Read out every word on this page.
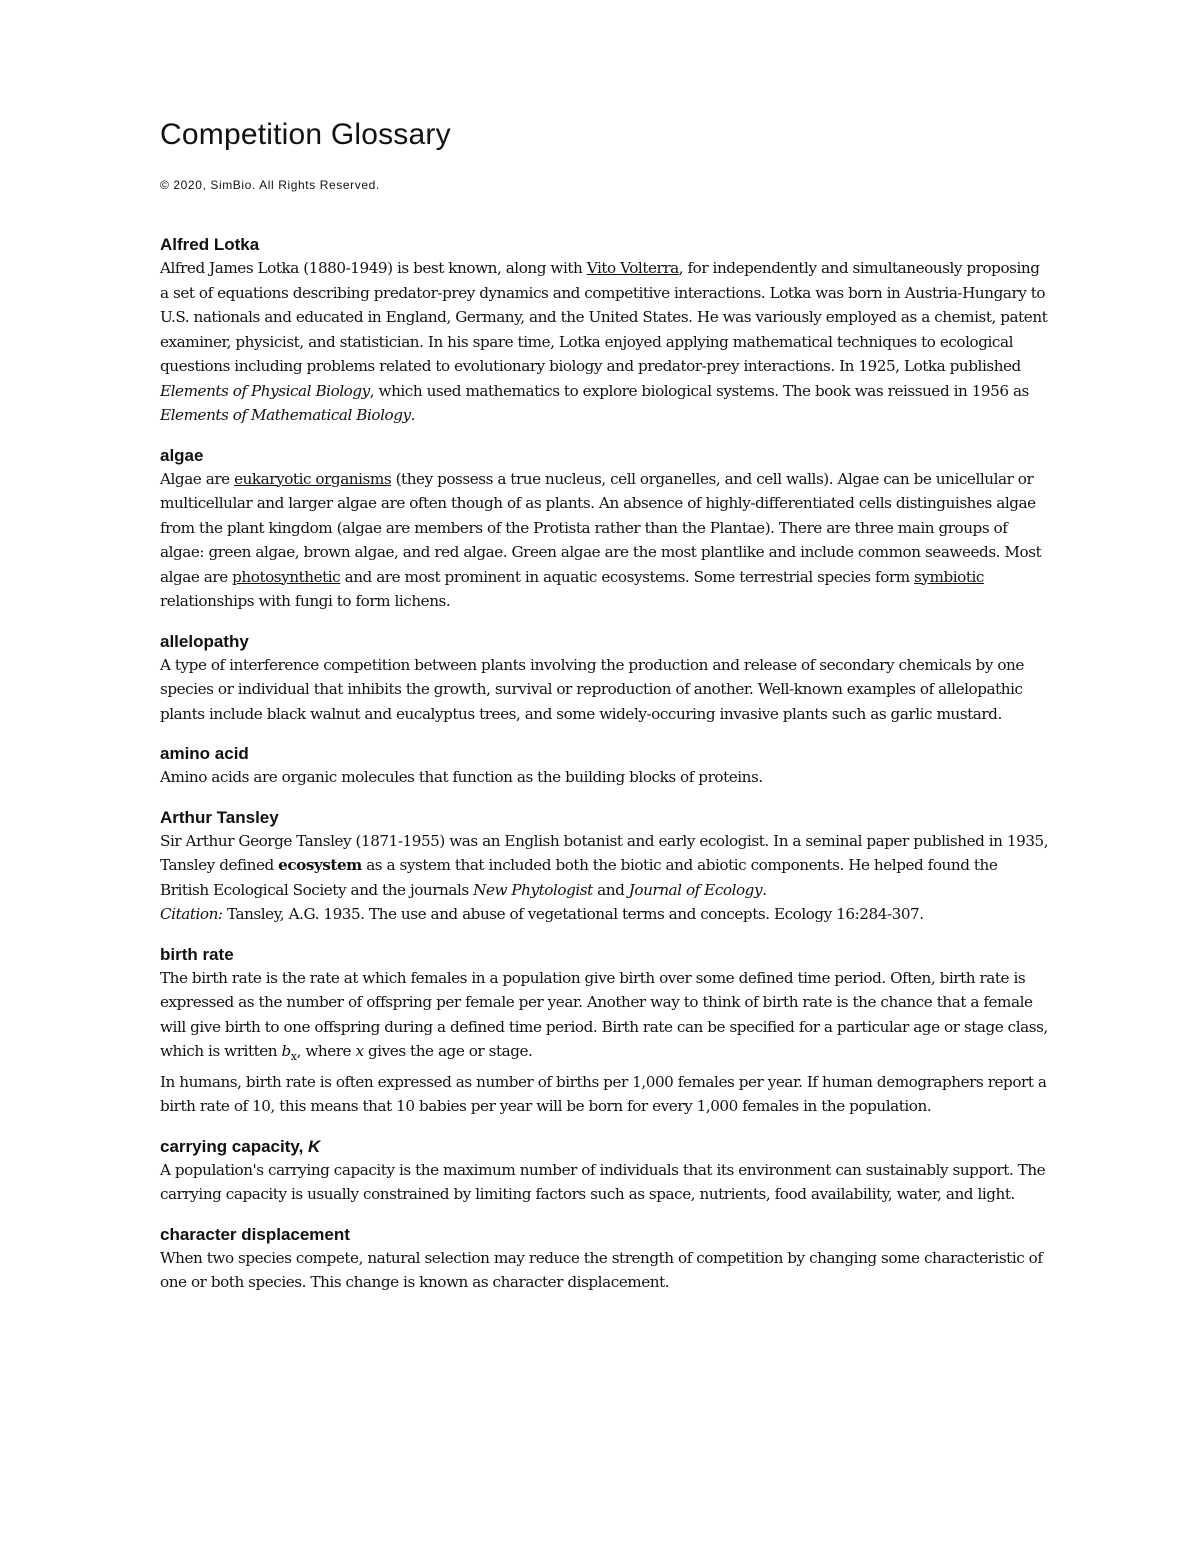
Competition Glossary
© 2020, SimBio. All Rights Reserved.
Alfred Lotka

Alfred James Lotka (1880-1949) is best known, along with Vito Volterra, for independently and simultaneously proposing a set of equations describing predator-prey dynamics and competitive interactions. Lotka was born in Austria-Hungary to U.S. nationals and educated in England, Germany, and the United States. He was variously employed as a chemist, patent examiner, physicist, and statistician. In his spare time, Lotka enjoyed applying mathematical techniques to ecological questions including problems related to evolutionary biology and predator-prey interactions. In 1925, Lotka published Elements of Physical Biology, which used mathematics to explore biological systems. The book was reissued in 1956 as Elements of Mathematical Biology.

algae

Algae are eukaryotic organisms (they possess a true nucleus, cell organelles, and cell walls). Algae can be unicellular or multicellular and larger algae are often though of as plants. An absence of highly-differentiated cells distinguishes algae from the plant kingdom (algae are members of the Protista rather than the Plantae). There are three main groups of algae: green algae, brown algae, and red algae. Green algae are the most plantlike and include common seaweeds. Most algae are photosynthetic and are most prominent in aquatic ecosystems. Some terrestrial species form symbiotic relationships with fungi to form lichens.

allelopathy
A type of interference competition between plants involving the production and release of secondary chemicals by one species or individual that inhibits the growth, survival or reproduction of another. Well-known examples of allelopathic plants include black walnut and eucalyptus trees, and some widely-occuring invasive plants such as garlic mustard.
amino acid
Amino acids are organic molecules that function as the building blocks of proteins.
Arthur Tansley

Sir Arthur George Tansley (1871-1955) was an English botanist and early ecologist. In a seminal paper published in 1935, Tansley defined ecosystem as a system that included both the biotic and abiotic components. He helped found the British Ecological Society and the journals New Phytologist and Journal of Ecology.

Citation: Tansley, A.G. 1935. The use and abuse of vegetational terms and concepts. Ecology 16:284-307.

birth rate

The birth rate is the rate at which females in a population give birth over some defined time period. Often, birth rate is expressed as the number of offspring per female per year. Another way to think of birth rate is the chance that a female will give birth to one offspring during a defined time period. Birth rate can be specified for a particular age or stage class, which is written $b_x$, where x gives the age or stage.

In humans, birth rate is often expressed as number of births per 1,000 females per year. If human demographers report a birth rate of 10, this means that 10 babies per year will be born for every 1,000 females in the population.

carrying capacity, K
A population's carrying capacity is the maximum number of individuals that its environment can sustainably support. The carrying capacity is usually constrained by limiting factors such as space, nutrients, food availability, water, and light.
character displacement
When two species compete, natural selection may reduce the strength of competition by changing some characteristic of one or both species. This change is known as character displacement.
